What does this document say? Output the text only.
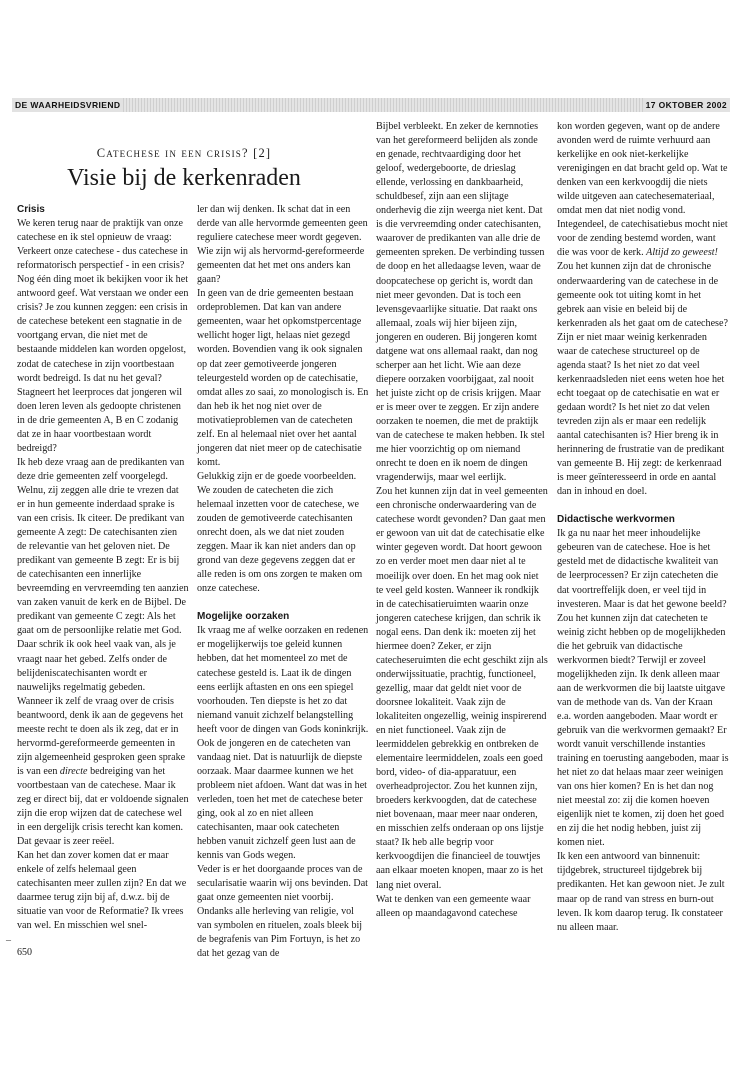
DE WAARHEIDSVRIEND	17 OKTOBER 2002
Catechese in een crisis? [2]
Visie bij de kerkenraden

Crisis

We keren terug naar de praktijk van onze catechese en ik stel opnieuw de vraag: Verkeert onze catechese - dus catechese in reformatorisch perspectief - in een crisis? Nog één ding moet ik bekijken voor ik het antwoord geef. Wat verstaan we onder een crisis? Je zou kunnen zeggen: een crisis in de catechese betekent een stagnatie in de voortgang ervan, die niet met de bestaande middelen kan worden opgelost, zodat de catechese in zijn voortbestaan wordt bedreigd. Is dat nu het geval? Stagneert het leerproces dat jongeren wil doen leren leven als gedoopte christenen in de drie gemeenten A, B en C zodanig dat ze in haar voortbestaan wordt bedreigd?

Ik heb deze vraag aan de predikanten van deze drie gemeenten zelf voorgelegd. Welnu, zij zeggen alle drie te vrezen dat er in hun gemeente inderdaad sprake is van een crisis. Ik citeer. De predikant van gemeente A zegt: De catechisanten zien de relevantie van het geloven niet. De predikant van gemeente B zegt: Er is bij de catechisanten een innerlijke bevreemding en vervreemding ten aanzien van zaken vanuit de kerk en de Bijbel. De predikant van gemeente C zegt: Als het gaat om de persoonlijke relatie met God. Daar schrik ik ook heel vaak van, als je vraagt naar het gebed. Zelfs onder de belijdeniscatechisanten wordt er nauwelijks regelmatig gebeden.

Wanneer ik zelf de vraag over de crisis beantwoord, denk ik aan de gegevens het meeste recht te doen als ik zeg, dat er in hervormd-gereformeerde gemeenten in zijn algemeenheid gesproken geen sprake is van een directe bedreiging van het voortbestaan van de catechese. Maar ik zeg er direct bij, dat er voldoende signalen zijn die erop wijzen dat de catechese wel in een dergelijk crisis terecht kan komen. Dat gevaar is zeer reëel.

Kan het dan zover komen dat er maar enkele of zelfs helemaal geen catechisanten meer zullen zijn? En dat we daarmee terug zijn bij af, d.w.z. bij de situatie van voor de Reformatie? Ik vrees van wel. En misschien wel snel-

ler dan wij denken. Ik schat dat in een derde van alle hervormde gemeenten geen reguliere catechese meer wordt gegeven. Wie zijn wij als hervormd-gereformeerde gemeenten dat het met ons anders kan gaan?

In geen van de drie gemeenten bestaan ordeproblemen. Dat kan van andere gemeenten, waar het opkomstpercentage wellicht hoger ligt, helaas niet gezegd worden. Bovendien vang ik ook signalen op dat zeer gemotiveerde jongeren teleurgesteld worden op de catechisatie, omdat alles zo saai, zo monologisch is. En dan heb ik het nog niet over de motivatieproblemen van de catecheten zelf. En al helemaal niet over het aantal jongeren dat niet meer op de catechisatie komt.

Gelukkig zijn er de goede voorbeelden. We zouden de catecheten die zich helemaal inzetten voor de catechese, we zouden de gemotiveerde catechisanten onrecht doen, als we dat niet zouden zeggen. Maar ik kan niet anders dan op grond van deze gegevens zeggen dat er alle reden is om ons zorgen te maken om onze catechese.

Mogelijke oorzaken

Ik vraag me af welke oorzaken en redenen er mogelijkerwijs toe geleid kunnen hebben, dat het momenteel zo met de catechese gesteld is. Laat ik de dingen eens eerlijk aftasten en ons een spiegel voorhouden. Ten diepste is het zo dat niemand vanuit zichzelf belangstelling heeft voor de dingen van Gods koninkrijk. Ook de jongeren en de catecheten van vandaag niet. Dat is natuurlijk de diepste oorzaak. Maar daarmee kunnen we het probleem niet afdoen. Want dat was in het verleden, toen het met de catechese beter ging, ook al zo en niet alleen catechisanten, maar ook catecheten hebben vanuit zichzelf geen lust aan de kennis van Gods wegen.

Veder is er het doorgaande proces van de secularisatie waarin wij ons bevinden. Dat gaat onze gemeenten niet voorbij. Ondanks alle herleving van religie, vol van symbolen en rituelen, zoals bleek bij de begrafenis van Pim Fortuyn, is het zo dat het gezag van de

Bijbel verbleekt. En zeker de kernnoties van het gereformeerd belijden als zonde en genade, rechtvaardiging door het geloof, wedergeboorte, de drieslag ellende, verlossing en dankbaarheid, schuldbesef, zijn aan een slijtage onderhevig die zijn weerga niet kent. Dat is die vervreemding onder catechisanten, waarover de predikanten van alle drie de gemeenten spreken. De verbinding tussen de doop en het alledaagse leven, waar de doopcatechese op gericht is, wordt dan niet meer gevonden. Dat is toch een levensgevaarlijke situatie. Dat raakt ons allemaal, zoals wij hier bijeen zijn, jongeren en ouderen. Bij jongeren komt datgene wat ons allemaal raakt, dan nog scherper aan het licht. Wie aan deze diepere oorzaken voorbijgaat, zal nooit het juiste zicht op de crisis krijgen. Maar er is meer over te zeggen. Er zijn andere oorzaken te noemen, die met de praktijk van de catechese te maken hebben. Ik stel me hier voorzichtig op om niemand onrecht te doen en ik noem de dingen vragenderwijs, maar wel eerlijk.

Zou het kunnen zijn dat in veel gemeenten een chronische onderwaardering van de catechese wordt gevonden? Dan gaat men er gewoon van uit dat de catechisatie elke winter gegeven wordt. Dat hoort gewoon zo en verder moet men daar niet al te moeilijk over doen. En het mag ook niet te veel geld kosten. Wanneer ik rondkijk in de catechisatieruimten waarin onze jongeren catechese krijgen, dan schrik ik nogal eens. Dan denk ik: moeten zij het hiermee doen? Zeker, er zijn catecheseruimten die echt geschikt zijn als onderwijssituatie, prachtig, functioneel, gezellig, maar dat geldt niet voor de doorsnee lokaliteit. Vaak zijn de lokaliteiten ongezellig, weinig inspirerend en niet functioneel. Vaak zijn de leermiddelen gebrekkig en ontbreken de elementaire leermiddelen, zoals een goed bord, video- of dia-apparatuur, een overheadprojector. Zou het kunnen zijn, broeders kerkvoogden, dat de catechese niet bovenaan, maar meer naar onderen, en misschien zelfs onderaan op ons lijstje staat? Ik heb alle begrip voor kerkvoogdijen die financieel de touwtjes aan elkaar moeten knopen, maar zo is het lang niet overal.

Wat te denken van een gemeente waar alleen op maandagavond catechese

kon worden gegeven, want op de andere avonden werd de ruimte verhuurd aan kerkelijke en ook niet-kerkelijke verenigingen en dat bracht geld op. Wat te denken van een kerkvoogdij die niets wilde uitgeven aan catechesemateriaal, omdat men dat niet nodig vond. Integendeel, de catechisatiebus mocht niet voor de zending bestemd worden, want die was voor de kerk. Altijd zo geweest!

Zou het kunnen zijn dat de chronische onderwaardering van de catechese in de gemeente ook tot uiting komt in het gebrek aan visie en beleid bij de kerkenraden als het gaat om de catechese? Zijn er niet maar weinig kerkenraden waar de catechese structureel op de agenda staat? Is het niet zo dat veel kerkenraadsleden niet eens weten hoe het echt toegaat op de catechisatie en wat er gedaan wordt? Is het niet zo dat velen tevreden zijn als er maar een redelijk aantal catechisanten is? Hier breng ik in herinnering de frustratie van de predikant van gemeente B. Hij zegt: de kerkenraad is meer geïnteresseerd in orde en aantal dan in inhoud en doel.

Didactische werkvormen

Ik ga nu naar het meer inhoudelijke gebeuren van de catechese. Hoe is het gesteld met de didactische kwaliteit van de leerprocessen? Er zijn catecheten die dat voortreffelijk doen, er veel tijd in investeren. Maar is dat het gewone beeld? Zou het kunnen zijn dat catecheten te weinig zicht hebben op de mogelijkheden die het gebruik van didactische werkvormen biedt? Terwijl er zoveel mogelijkheden zijn. Ik denk alleen maar aan de werkvormen die bij laatste uitgave van de methode van ds. Van der Kraan e.a. worden aangeboden. Maar wordt er gebruik van die werkvormen gemaakt? Er wordt vanuit verschillende instanties training en toerusting aangeboden, maar is het niet zo dat helaas maar zeer weinigen van ons hier komen? En is het dan nog niet meestal zo: zij die komen hoeven eigenlijk niet te komen, zij doen het goed en zij die het nodig hebben, juist zij komen niet.

Ik ken een antwoord van binnenuit: tijdgebrek, structureel tijdgebrek bij predikanten. Het kan gewoon niet. Je zult maar op de rand van stress en burn-out leven. Ik kom daarop terug. Ik constateer nu alleen maar.

–

650
